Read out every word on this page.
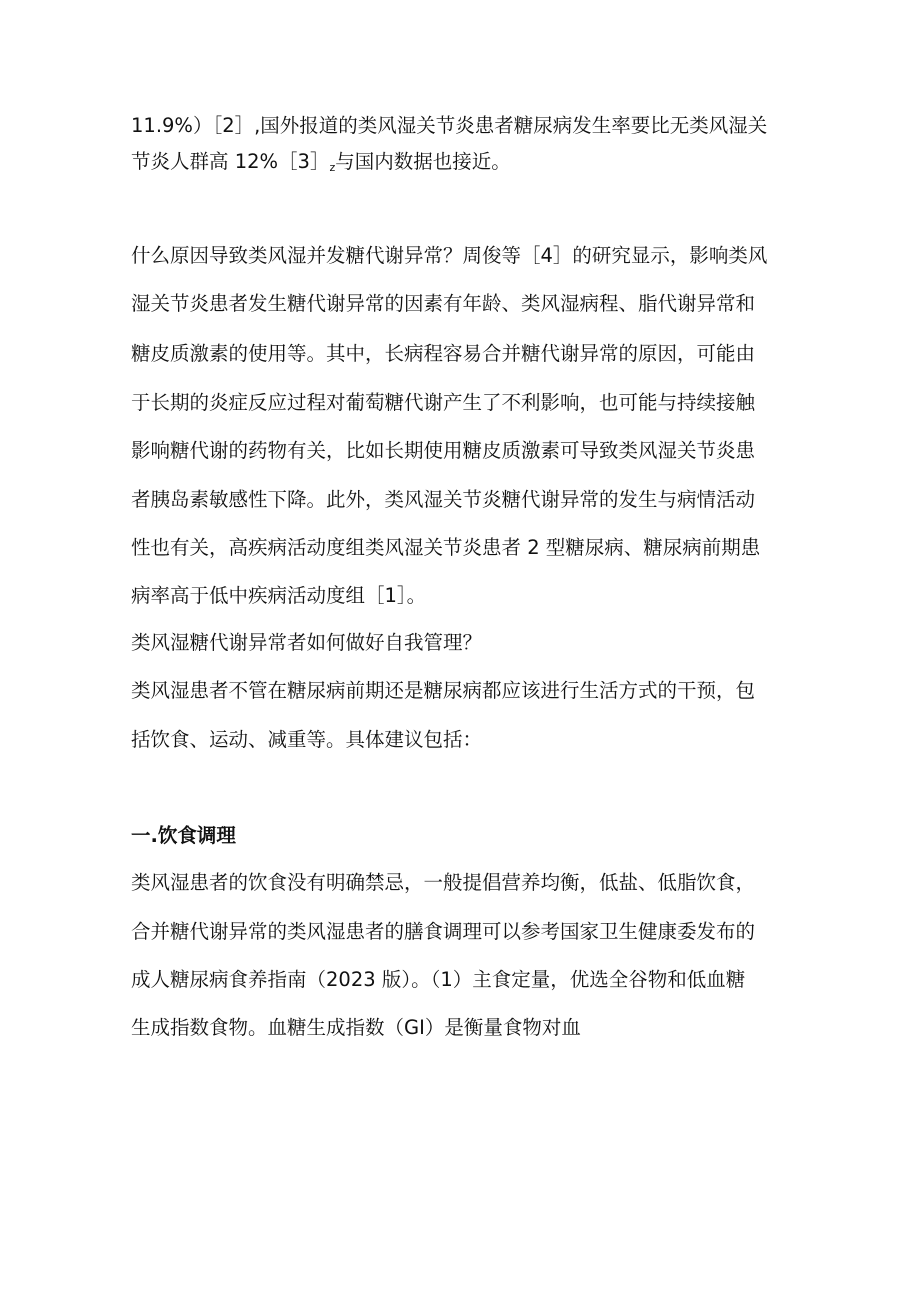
11.9%）［2］,国外报道的类风湿关节炎患者糖尿病发生率要比无类风湿关
节炎人群高 $12\%[3]_z$与国内数据也接近。
什么原因导致类风湿并发糖代谢异常？周俊等［4］的研究显示，影响类风
湿关节炎患者发生糖代谢异常的因素有年龄、类风湿病程、脂代谢异常和
糖皮质激素的使用等。其中，长病程容易合并糖代谢异常的原因，可能由
于长期的炎症反应过程对葡萄糖代谢产生了不利影响，也可能与持续接触
影响糖代谢的药物有关，比如长期使用糖皮质激素可导致类风湿关节炎患
者胰岛素敏感性下降。此外，类风湿关节炎糖代谢异常的发生与病情活动
性也有关，高疾病活动度组类风湿关节炎患者 2 型糖尿病、糖尿病前期患
病率高于低中疾病活动度组［1］。
类风湿糖代谢异常者如何做好自我管理？
类风湿患者不管在糖尿病前期还是糖尿病都应该进行生活方式的干预，包
括饮食、运动、减重等。具体建议包括：
一.饮食调理
类风湿患者的饮食没有明确禁忌，一般提倡营养均衡，低盐、低脂饮食，
合并糖代谢异常的类风湿患者的膳食调理可以参考国家卫生健康委发布的
成人糖尿病食养指南（2023 版）。（1）主食定量，优选全谷物和低血糖
生成指数食物。血糖生成指数（GI）是衡量食物对血
